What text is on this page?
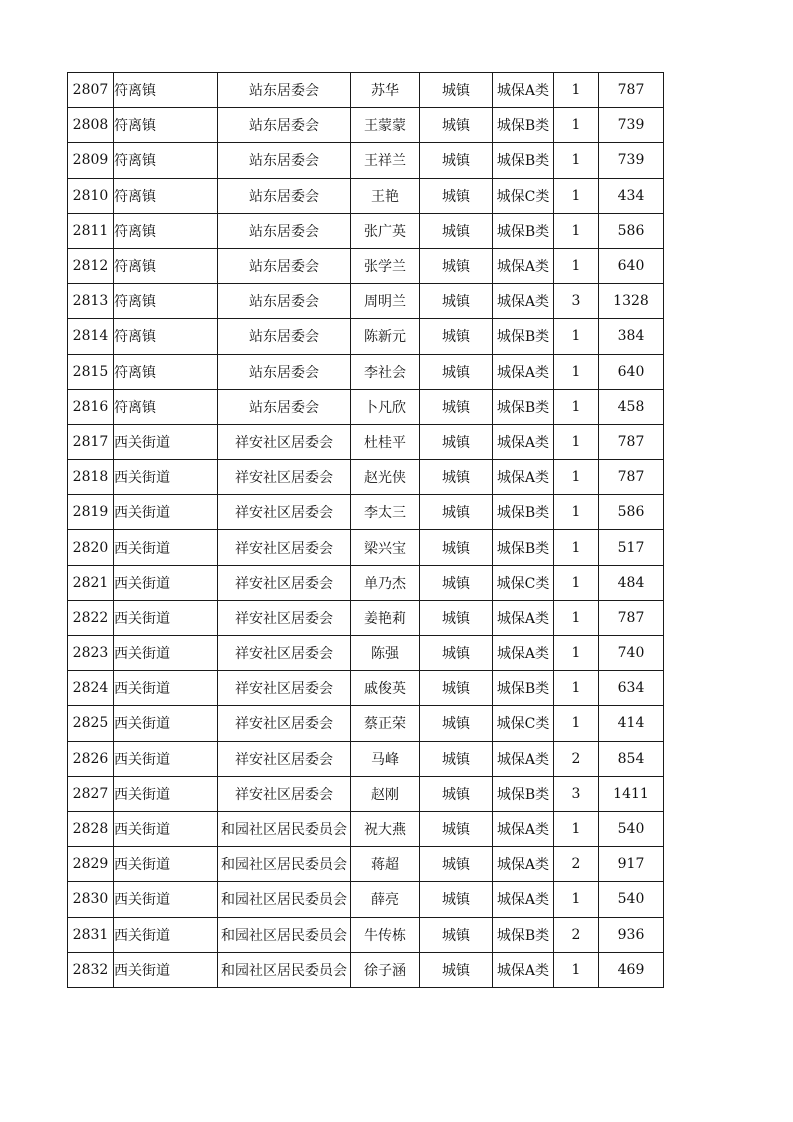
2807	符离镇	站东居委会	苏华	城镇	城保A类	1	787
2808	符离镇	站东居委会	王蒙蒙	城镇	城保B类	1	739
2809	符离镇	站东居委会	王祥兰	城镇	城保B类	1	739
2810	符离镇	站东居委会	王艳	城镇	城保C类	1	434
2811	符离镇	站东居委会	张广英	城镇	城保B类	1	586
2812	符离镇	站东居委会	张学兰	城镇	城保A类	1	640
2813	符离镇	站东居委会	周明兰	城镇	城保A类	3	1328
2814	符离镇	站东居委会	陈新元	城镇	城保B类	1	384
2815	符离镇	站东居委会	李社会	城镇	城保A类	1	640
2816	符离镇	站东居委会	卜凡欣	城镇	城保B类	1	458
2817	西关街道	祥安社区居委会	杜桂平	城镇	城保A类	1	787
2818	西关街道	祥安社区居委会	赵光侠	城镇	城保A类	1	787
2819	西关街道	祥安社区居委会	李太三	城镇	城保B类	1	586
2820	西关街道	祥安社区居委会	梁兴宝	城镇	城保B类	1	517
2821	西关街道	祥安社区居委会	单乃杰	城镇	城保C类	1	484
2822	西关街道	祥安社区居委会	姜艳莉	城镇	城保A类	1	787
2823	西关街道	祥安社区居委会	陈强	城镇	城保A类	1	740
2824	西关街道	祥安社区居委会	戚俊英	城镇	城保B类	1	634
2825	西关街道	祥安社区居委会	蔡正荣	城镇	城保C类	1	414
2826	西关街道	祥安社区居委会	马峰	城镇	城保A类	2	854
2827	西关街道	祥安社区居委会	赵刚	城镇	城保B类	3	1411
2828	西关街道	和园社区居民委员会	祝大燕	城镇	城保A类	1	540
2829	西关街道	和园社区居民委员会	蒋超	城镇	城保A类	2	917
2830	西关街道	和园社区居民委员会	薛亮	城镇	城保A类	1	540
2831	西关街道	和园社区居民委员会	牛传栋	城镇	城保B类	2	936
2832	西关街道	和园社区居民委员会	徐子涵	城镇	城保A类	1	469
